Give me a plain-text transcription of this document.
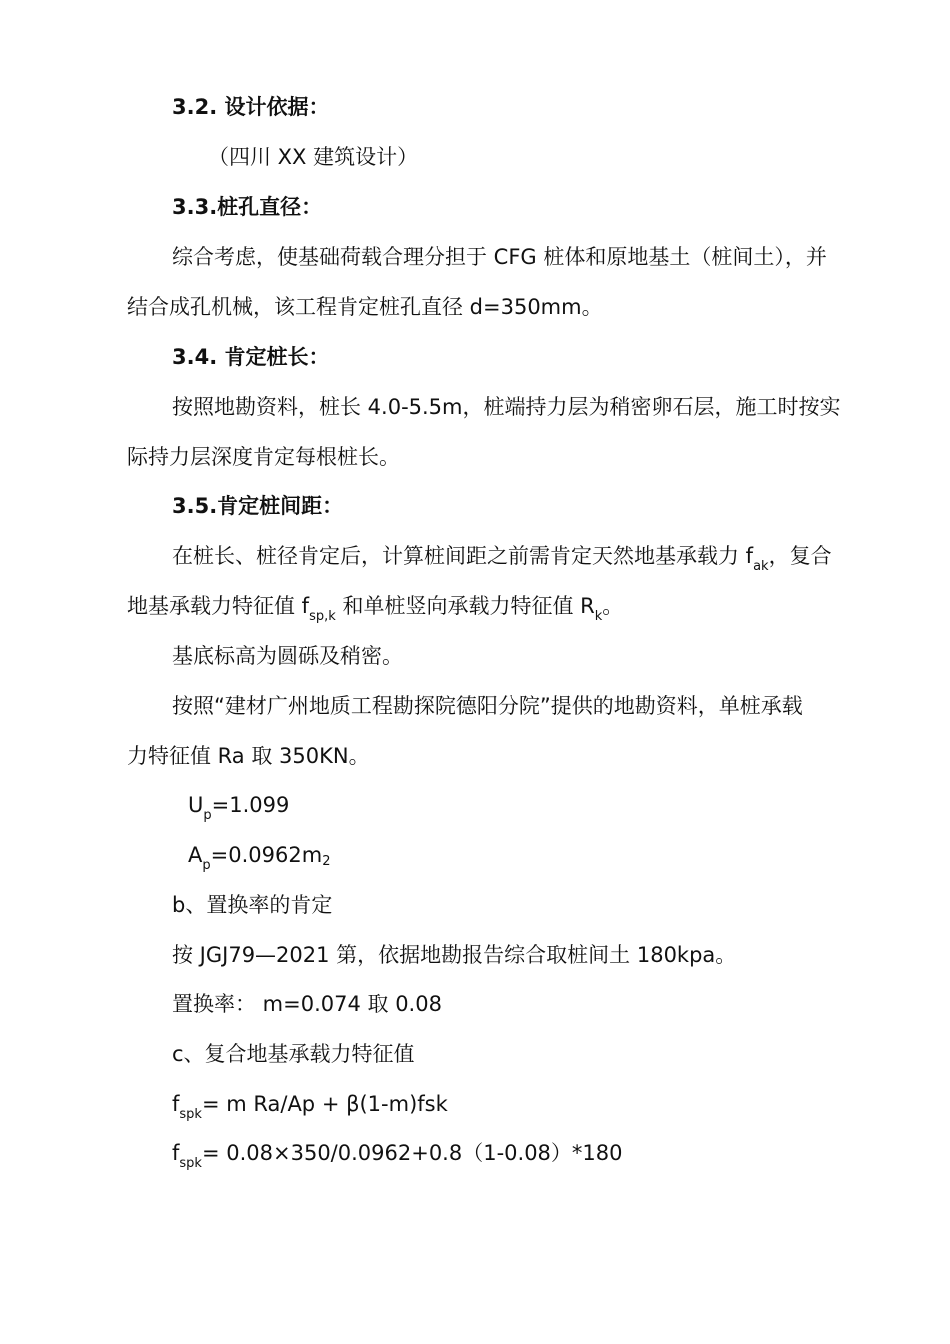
3.2. 设计依据：
（四川 XX 建筑设计）
3.3.桩孔直径：
综合考虑，使基础荷载合理分担于 CFG 桩体和原地基土（桩间土），并
结合成孔机械，该工程肯定桩孔直径 d=350mm。
3.4. 肯定桩长：
按照地勘资料，桩长 4.0-5.5m，桩端持力层为稍密卵石层，施工时按实
际持力层深度肯定每根桩长。
3.5.肯定桩间距：
在桩长、桩径肯定后，计算桩间距之前需肯定天然地基承载力 $f_{ak}$，复合
地基承载力特征值 $f_{sp,k}$ 和单桩竖向承载力特征值 $R_k$。
基底标高为圆砾及稍密。
按照“建材广州地质工程勘探院德阳分院”提供的地勘资料，单桩承载
力特征值 Ra 取 350KN。
$U_p=1.099$
$A_p=0.0962m2$
b、置换率的肯定
按 JGJ79—2021 第，依据地勘报告综合取桩间土 180kpa。
置换率： m=0.074 取 0.08
c、复合地基承载力特征值
$f_{spk}= m$ Ra/Ap + β(1-m)fsk
$f_{spk}= 0.08\times 350/0.0962+0.8(1-0.08)*180$
